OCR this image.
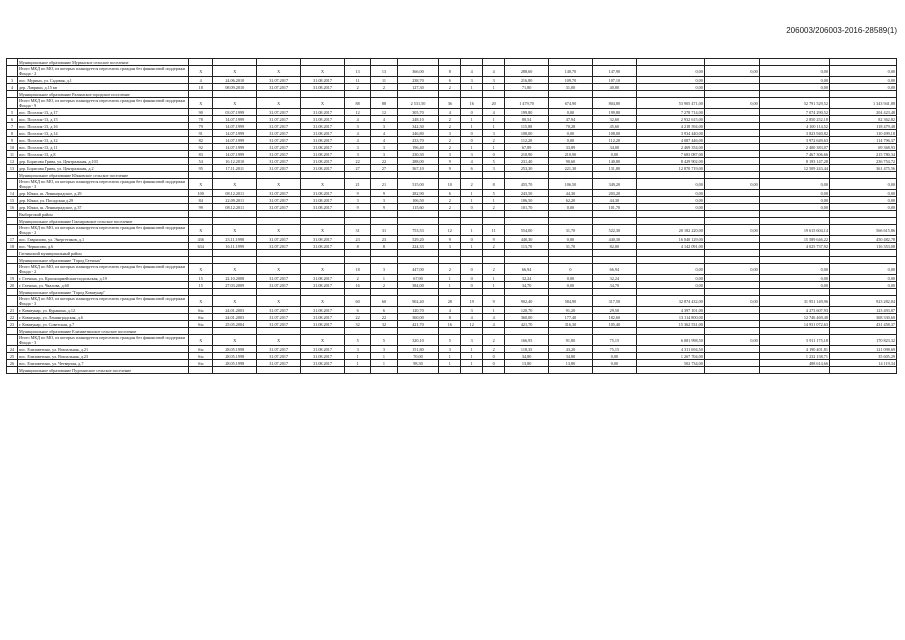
206003/206003-2016-28589(1)
	Муниципальное образование Мурмнское сельское поселение																	
	Итого МКД по МО, из которых планируется переселить граждан без финансовой поддержки Фонда - 2	X	X	X	X	13	13	366,00	8	4	4	288,60	140,70	147,90	0,00	0,00	0,00	0,00
3	пос. Мурино, ул. Садовая, д.1	4	24.06.2010	31.07.2017	31.08.2017	11	11	238,70	6	3	3	216,80	109,70	107,10	0,00		0,00	0,00
4	дер. Лаврики, д.15 кв	18	08.09.2010	31.07.2017	31.08.2017	2	2	127,30	2	1	1	71,80	31,00	40,80	0,00		0,00	0,00
	Муниципальное образование Ралымское городское поселение																	
	Итого МКД по МО, из которых планируется переселить граждан без финансовой поддержки Фонда - 9	X	X	X	X	88	88	2 531,50	36	16	20	1 479,70	674,90	804,80	53 905 471,00	0,00	52 791 529,52	1 343 941,88
5	пос. Поселок-13, д.17	90	03.07.1999	31.07.2017	31.08.2017	12	12	305,70	4	0	4	199,80	0,00	199,80	7 278 714,00		7 074 290,52	204 423,48
6	пос. Поселок-13, д.15	78	14.07.1999	31.07.2017	31.08.2017	4	4	248,10	2	1	1	80,54	47,94	32,60	2 932 615,00		2 850 252,18	82 362,82
7	пос. Поселок-13, д.16	79	14.07.1999	31.07.2017	31.08.2017	3	3	342,30	2	1	1	115,88	70,28	45,60	4 218 594,00		4 100 114,52	118 479,48
8	пос. Поселок-13, д.14	91	14.07.1999	31.07.2017	31.08.2017	4	4	246,80	3	0	3	108,00	0,00	108,00	3 934 440,00		3 823 940,82	110 499,18
9	пос. Поселок-13, д.12	82	14.07.1999	31.07.2017	31.08.2017	4	4	233,70	2	0	2	112,20	0,00	112,20	4 087 446,00		3 972 649,63	114 796,37
10	пос. Поселок-13, д.11	92	14.07.1999	31.07.2017	31.08.2017	3	3	196,40	2	1	1	67,89	33,89	34,00	2 469 354,00		2 400 383,07	69 368,93
11	пос. Поселок-13, д.8	83	14.07.1999	31.07.2017	31.08.2017	3	3	230,30	3	3	0	210,90	210,90	0,00	7 683 087,00		7 467 306,66	215 780,34
12	дер. Борисова Грива, ул. Центральная, д.103	54	16.12.2010	31.07.2017	31.08.2017	22	22	288,00	9	4	5	231,40	90,60	140,80	8 429 902,00		8 193 147,28	236 754,72
13	дер. Борисова Грива, ул. Центральная, д.2	95	17.11.2011	31.07.2017	31.08.2017	27	27	367,10	9	6	3	253,30	221,30	131,80	12 870 719,00		12 509 243,44	361 475,56
	Муниципальное образование Юкковское сельское поселение																	
	Итого МКД по МО, из которых планируется переселить граждан без финансовой поддержки Фонда - 3	X	X	X	X	21	21	515,00	10	2	8	455,70	106,50	349,20	0,00	0,00	0,00	0,00
14	дер. Юкки, ш. Ленинградское, д.29	100	08.12.2011	31.07.2017	31.08.2017	9	9	282,90	6	1	5	243,50	44,30	203,20	0,00		0,00	0,00
15	дер. Юкки, ул. Посадская д.29	84	22.09.2011	31.07.2017	31.08.2017	3	3	106,50	2	1	1	106,50	62,20	44,30	0,00		0,00	0,00
16	дер. Юкки, ш. Ленинградское, д.37	99	08.12.2011	31.07.2017	31.08.2017	9	9	115,60	2	0	2	101,70	0,00	101,70	0,00		0,00	0,00
	Выборгский район																	
	Муниципальное образование Гончаровское сельское поселение																	
	Итого МКД по МО, из которых планируется переселить граждан без финансовой поддержки Фонда - 2	X	X	X	X	31	31	753,53	12	1	11	554,00	31,70	522,30	20 182 220,00	0,00	19 615 604,14	566 615,86
17	пос. Гаврилово, ул. Энергетиков, д.1	436	23.11.1998	31.07.2017	31.08.2017	23	23	529,20	9	0	9	440,30	0,00	440,30	16 040 129,00		15 589 646,22	450 482,78
18	пос. Черкасово, д.6	634	16.11.1999	31.07.2017	31.08.2017	8	8	224,33	3	1	2	113,70	31,70	82,00	4 142 091,00		4 025 737,92	116 353,08
	Гатчинский муниципальный район																	
	Муниципальное образование "Город Гатчина"																	
	Итого МКД по МО, из которых планируется переселить граждан без финансовой поддержки Фонда - 2	X	X	X	X	18	3	447,00	2	0	2	66,94	0	66,94	0,00	0,00	0,00	0,00
19	г. Гатчина, ул. Красноармейская-подольская, д.19	15	22.10.2008	31.07.2017	31.08.2017	2	1	67,90	1	0	1	32,24	0,00	32,24	0,00		0,00	0,00
20	г. Гатчина, ул. Чкалова, д.60	15	27.03.2009	31.07.2017	31.08.2017	16	2	384,00	1	0	1	34,70	0,00	34,70	0,00		0,00	0,00
	Муниципальное образование "Город Коммунар"																	
	Итого МКД по МО, из которых планируется переселить граждан без финансовой поддержки Фонда - 3	X	X	X	X	60	60	902,40	28	19	9	902,40	584,90	317,50	32 874 432,00	0,00	31 951 149,96	923 282,04
21	г. Коммунар, ул. Куракина, д.12	б/н	24.01.2003	31.07.2017	31.08.2017	6	6	120,70	4	3	1	120,70	91,20	29,50	4 397 101,00		4 273 607,93	123 493,07
22	г. Коммунар, ул. Ленинградская, д.6	б/н	24.01.2003	31.07.2017	31.08.2017	22	22	360,00	8	4	4	360,00	177,40	182,60	13 114 800,00		12 746 469,40	368 330,60
23	г. Коммунар, ул. Советская, д.7	б/н	25.05.2004	31.07.2017	31.08.2017	32	32	421,70	16	12	4	421,70	316,30	105,40	15 362 531,00		14 931 072,63	431 458,37
	Муниципальное образование Елизаветинское сельское поселение																	
	Итого МКД по МО, из которых планируется переселить граждан без финансовой поддержки Фонда - 3	X	X	X	X	5	5	320,10	5	3	2	166,95	91,80	75,15	6 081 998,50	0,00	5 911 175,18	170 823,32
24	пос. Елизаветино, ул. Вокзальная, д.21	б/н	28.05.1998	31.07.2017	31.08.2017	3	3	151,80	3	1	2	118,35	43,20	75,15	4 311 694,50		4 190 401,81	121 098,69
25	пос. Елизаветино, ул. Вокзальная, д.23	б/н	28.05.1998	31.07.2017	31.08.2017	1	1	70,00	1	1	0	34,80	34,80	0,00	1 267 704,00		1 232 138,71	35 605,29
26	пос. Елизаветино, ул. Четвертая, д.7	б/н	28.05.1998	31.07.2017	31.08.2017	1	1	98,30	1	1	0	13,80	13,80	0,00	502 734,00		488 614,66	14 119,34
	Муниципальное образование Пудомягское сельское поселение																	
